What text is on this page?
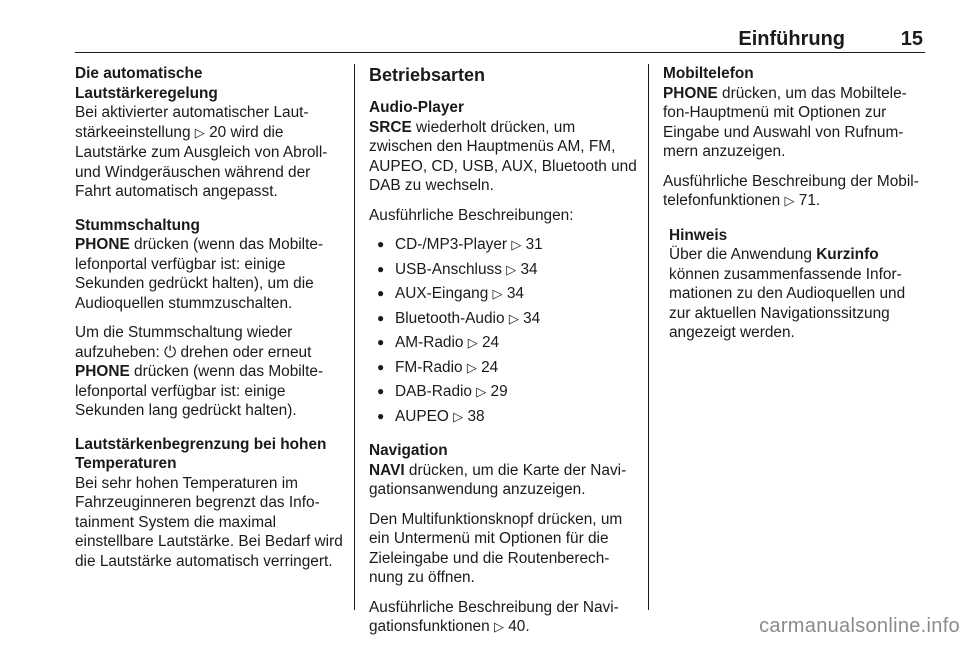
Einführung	15
Die automatische Lautstärkeregelung
Bei aktivierter automatischer Laut-stärkeeinstellung ▷ 20 wird die Lautstärke zum Ausgleich von Abroll- und Windgeräuschen während der Fahrt automatisch angepasst.
Stummschaltung

PHONE drücken (wenn das Mobilte-lefonportal verfügbar ist: einige Sekunden gedrückt halten), um die Audioquellen stummzuschalten.

Um die Stummschaltung wieder aufzuheben: ⏻ drehen oder erneut PHONE drücken (wenn das Mobilte-lefonportal verfügbar ist: einige Sekunden lang gedrückt halten).

Lautstärkenbegrenzung bei hohen Temperaturen
Bei sehr hohen Temperaturen im Fahrzeuginneren begrenzt das Info-tainment System die maximal einstellbare Lautstärke. Bei Bedarf wird die Lautstärke automatisch verringert.
Betriebsarten
Audio-Player

SRCE wiederholt drücken, um zwischen den Hauptmenüs AM, FM, AUPEO, CD, USB, AUX, Bluetooth und DAB zu wechseln.

Ausführliche Beschreibungen:

● CD-/MP3-Player ▷ 31
● USB-Anschluss ▷ 34
● AUX-Eingang ▷ 34
● Bluetooth-Audio ▷ 34
● AM-Radio ▷ 24
● FM-Radio ▷ 24
● DAB-Radio ▷ 29
● AUPEO ▷ 38
Navigation

NAVI drücken, um die Karte der Navi-gationsanwendung anzuzeigen.

Den Multifunktionsknopf drücken, um ein Untermenü mit Optionen für die Zieleingabe und die Routenberech-nung zu öffnen.

Ausführliche Beschreibung der Navi-gationsfunktionen ▷ 40.

Mobiltelefon

PHONE drücken, um das Mobiltele-fon-Hauptmenü mit Optionen zur Eingabe und Auswahl von Rufnum-mern anzuzeigen.

Ausführliche Beschreibung der Mobil-telefonfunktionen ▷ 71.

Hinweis
Über die Anwendung Kurzinfo können zusammenfassende Infor-mationen zu den Audioquellen und zur aktuellen Navigationssitzung angezeigt werden.
carmanualsonline.info
